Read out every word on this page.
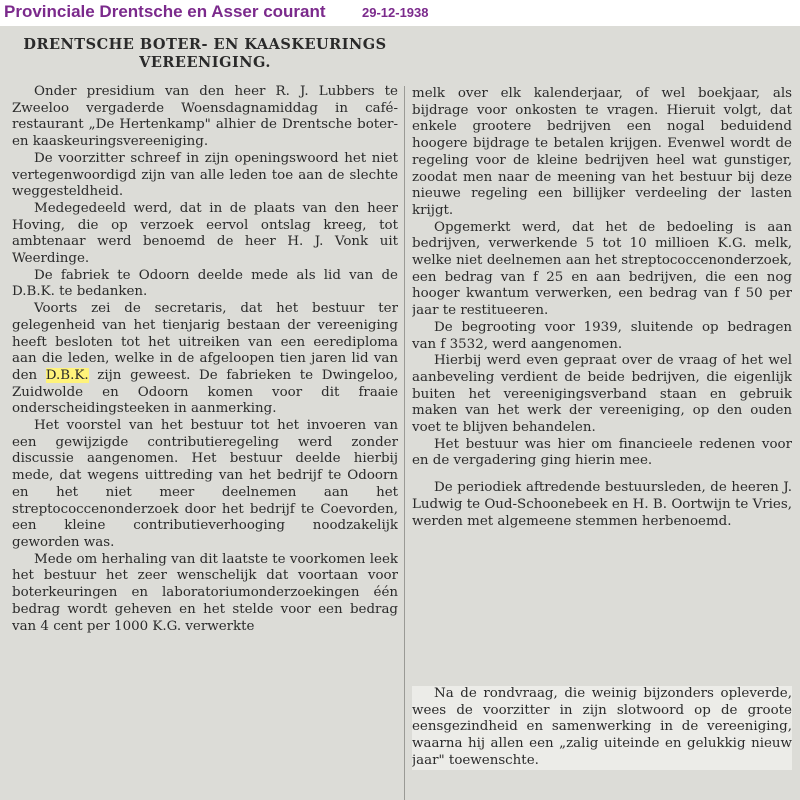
Provinciale Drentsche en Asser courant	29-12-1938
DRENTSCHE BOTER- EN KAASKEURINGS
VEREENIGING.

Onder presidium van den heer R. J. Lubbers te Zweeloo vergaderde Woensdagnamiddag in café-restaurant „De Hertenkamp" alhier de Drentsche boter- en kaaskeuringsvereeniging.

De voorzitter schreef in zijn openingswoord het niet vertegenwoordigd zijn van alle leden toe aan de slechte weggesteldheid.

Medegedeeld werd, dat in de plaats van den heer Hoving, die op verzoek eervol ontslag kreeg, tot ambtenaar werd benoemd de heer H. J. Vonk uit Weerdinge.

De fabriek te Odoorn deelde mede als lid van de D.B.K. te bedanken.

Voorts zei de secretaris, dat het bestuur ter gelegenheid van het tienjarig bestaan der vereeniging heeft besloten tot het uitreiken van een eerediploma aan die leden, welke in de afgeloopen tien jaren lid van den D.B.K. zijn geweest. De fabrieken te Dwingeloo, Zuidwolde en Odoorn komen voor dit fraaie onderscheidingsteeken in aanmerking.

Het voorstel van het bestuur tot het invoeren van een gewijzigde contributieregeling werd zonder discussie aangenomen. Het bestuur deelde hierbij mede, dat wegens uittreding van het bedrijf te Odoorn en het niet meer deelnemen aan het streptococcenonderzoek door het bedrijf te Coevorden, een kleine contributieverhooging noodzakelijk geworden was.

Mede om herhaling van dit laatste te voorkomen leek het bestuur het zeer wenschelijk dat voortaan voor boterkeuringen en laboratoriumonderzoekingen één bedrag wordt geheven en het stelde voor een bedrag van 4 cent per 1000 K.G. verwerkte

melk over elk kalenderjaar, of wel boekjaar, als bijdrage voor onkosten te vragen. Hieruit volgt, dat enkele grootere bedrijven een nogal beduidend hoogere bijdrage te betalen krijgen. Evenwel wordt de regeling voor de kleine bedrijven heel wat gunstiger, zoodat men naar de meening van het bestuur bij deze nieuwe regeling een billijker verdeeling der lasten krijgt.

Opgemerkt werd, dat het de bedoeling is aan bedrijven, verwerkende 5 tot 10 millioen K.G. melk, welke niet deelnemen aan het streptococcenonderzoek, een bedrag van f 25 en aan bedrijven, die een nog hooger kwantum verwerken, een bedrag van f 50 per jaar te restitueeren.

De begrooting voor 1939, sluitende op bedragen van f 3532, werd aangenomen.

Hierbij werd even gepraat over de vraag of het wel aanbeveling verdient de beide bedrijven, die eigenlijk buiten het vereenigingsverband staan en gebruik maken van het werk der vereeniging, op den ouden voet te blijven behandelen.

Het bestuur was hier om financieele redenen voor en de vergadering ging hierin mee.

De periodiek aftredende bestuursleden, de heeren J. Ludwig te Oud-Schoonebeek en H. B. Oortwijn te Vries, werden met algemeene stemmen herbenoemd.

Na de rondvraag, die weinig bijzonders opleverde, wees de voorzitter in zijn slotwoord op de groote eensgezindheid en samenwerking in de vereeniging, waarna hij allen een „zalig uiteinde en gelukkig nieuw jaar" toewenschte.
